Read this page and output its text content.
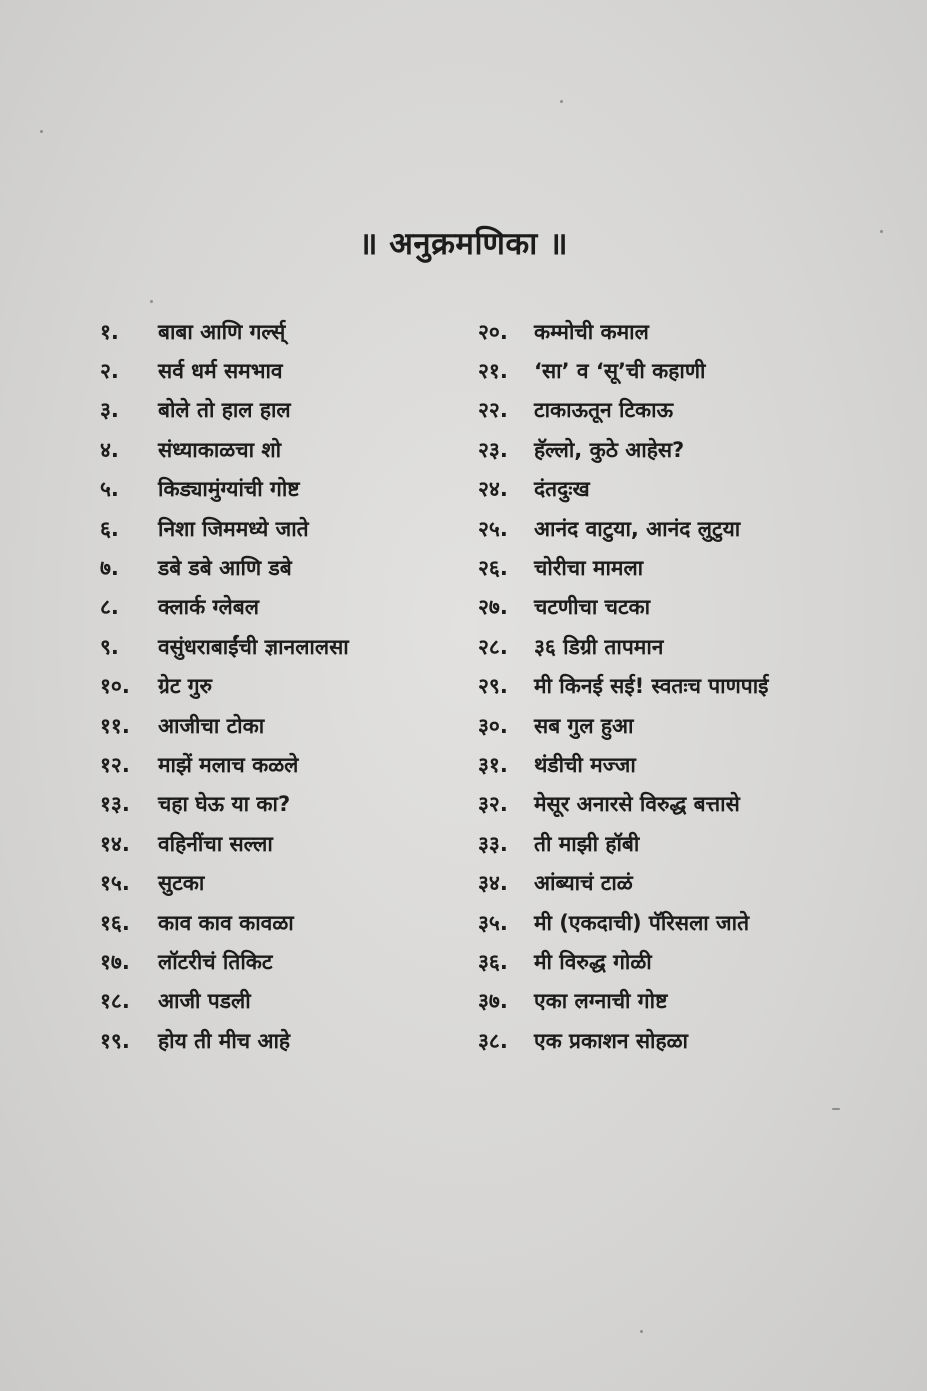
॥ अनुक्रमणिका ॥
१.	बाबा आणि गर्ल्स्
२.	सर्व धर्म समभाव
३.	बोले तो हाल हाल
४.	संध्याकाळचा शो
५.	किड्यामुंग्यांची गोष्ट
६.	निशा जिममध्ये जाते
७.	डबे डबे आणि डबे
८.	क्लार्क ग्लेबल
९.	वसुंधराबाईंची ज्ञानलालसा
१०.	ग्रेट गुरु
११.	आजीचा टोका
१२.	माझें मलाच कळले
१३.	चहा घेऊ या का?
१४.	वहिनींचा सल्ला
१५.	सुटका
१६.	काव काव कावळा
१७.	लॉटरीचं तिकिट
१८.	आजी पडली
१९.	होय ती मीच आहे
२०.	कम्मोची कमाल
२१.	‘सा’ व ‘सू’ची कहाणी
२२.	टाकाऊतून टिकाऊ
२३.	हॅल्लो, कुठे आहेस?
२४.	दंतदुःख
२५.	आनंद वाटुया, आनंद लुटुया
२६.	चोरीचा मामला
२७.	चटणीचा चटका
२८.	३६ डिग्री तापमान
२९.	मी किनई सई! स्वतःच पाणपाई
३०.	सब गुल हुआ
३१.	थंडीची मज्जा
३२.	मेसूर अनारसे विरुद्ध बत्तासे
३३.	ती माझी हॉबी
३४.	आंब्याचं टाळं
३५.	मी (एकदाची) पॅरिसला जाते
३६.	मी विरुद्ध गोळी
३७.	एका लग्नाची गोष्ट
३८.	एक प्रकाशन सोहळा
